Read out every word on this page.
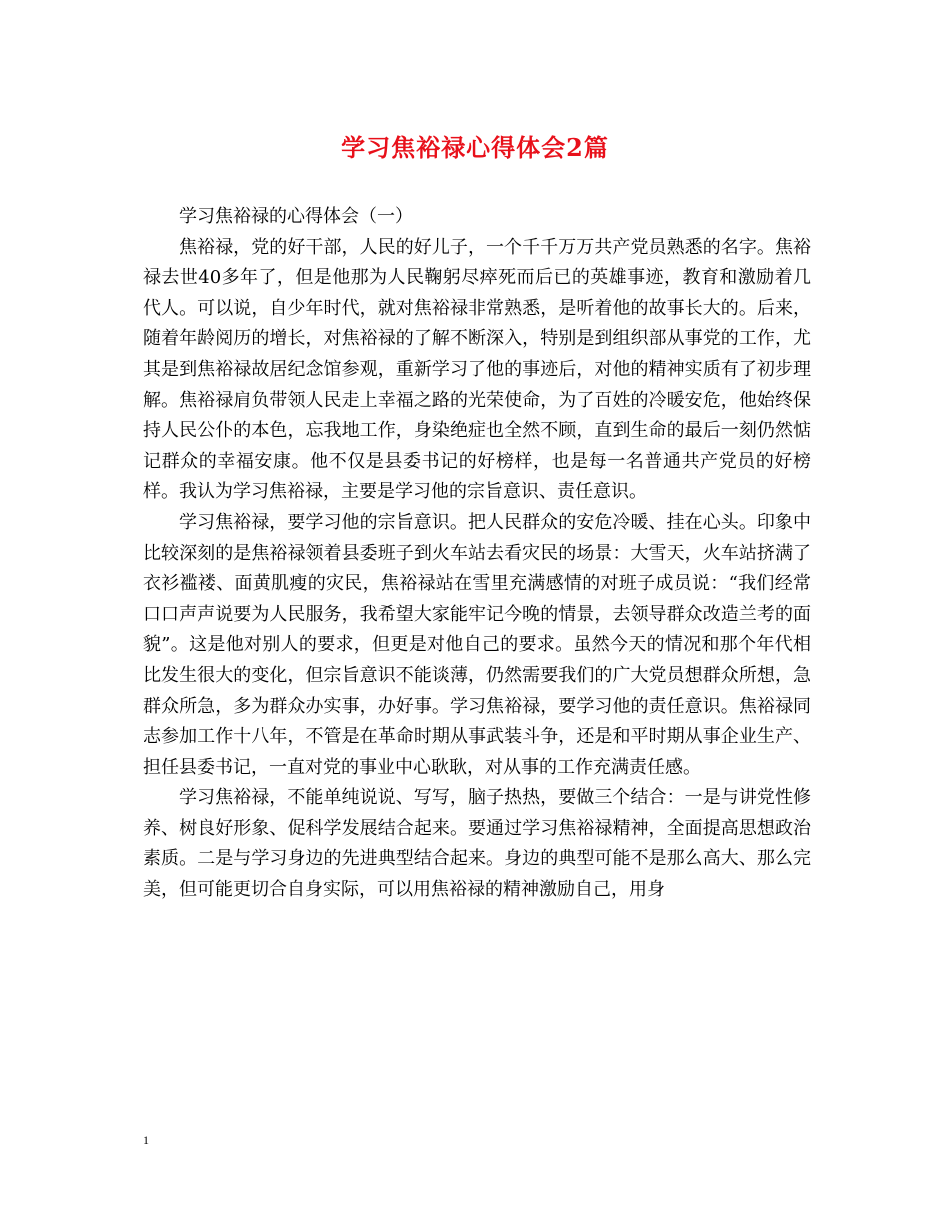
学习焦裕禄心得体会2篇

学习焦裕禄的心得体会（一）

焦裕禄，党的好干部，人民的好儿子，一个千千万万共产党员熟悉的名字。焦裕禄去世40多年了，但是他那为人民鞠躬尽瘁死而后已的英雄事迹，教育和激励着几代人。可以说，自少年时代，就对焦裕禄非常熟悉，是听着他的故事长大的。后来，随着年龄阅历的增长，对焦裕禄的了解不断深入，特别是到组织部从事党的工作，尤其是到焦裕禄故居纪念馆参观，重新学习了他的事迹后，对他的精神实质有了初步理解。焦裕禄肩负带领人民走上幸福之路的光荣使命，为了百姓的冷暖安危，他始终保持人民公仆的本色，忘我地工作，身染绝症也全然不顾，直到生命的最后一刻仍然惦记群众的幸福安康。他不仅是县委书记的好榜样，也是每一名普通共产党员的好榜样。我认为学习焦裕禄，主要是学习他的宗旨意识、责任意识。

学习焦裕禄，要学习他的宗旨意识。把人民群众的安危冷暖、挂在心头。印象中比较深刻的是焦裕禄领着县委班子到火车站去看灾民的场景：大雪天，火车站挤满了衣衫褴褛、面黄肌瘦的灾民，焦裕禄站在雪里充满感情的对班子成员说：“我们经常口口声声说要为人民服务，我希望大家能牢记今晚的情景，去领导群众改造兰考的面貌”。这是他对别人的要求，但更是对他自己的要求。虽然今天的情况和那个年代相比发生很大的变化，但宗旨意识不能谈薄，仍然需要我们的广大党员想群众所想，急群众所急，多为群众办实事，办好事。学习焦裕禄，要学习他的责任意识。焦裕禄同志参加工作十八年，不管是在革命时期从事武装斗争，还是和平时期从事企业生产、担任县委书记，一直对党的事业中心耿耿，对从事的工作充满责任感。

学习焦裕禄，不能单纯说说、写写，脑子热热，要做三个结合：一是与讲党性修养、树良好形象、促科学发展结合起来。要通过学习焦裕禄精神，全面提高思想政治素质。二是与学习身边的先进典型结合起来。身边的典型可能不是那么高大、那么完美，但可能更切合自身实际，可以用焦裕禄的精神激励自己，用身

1
